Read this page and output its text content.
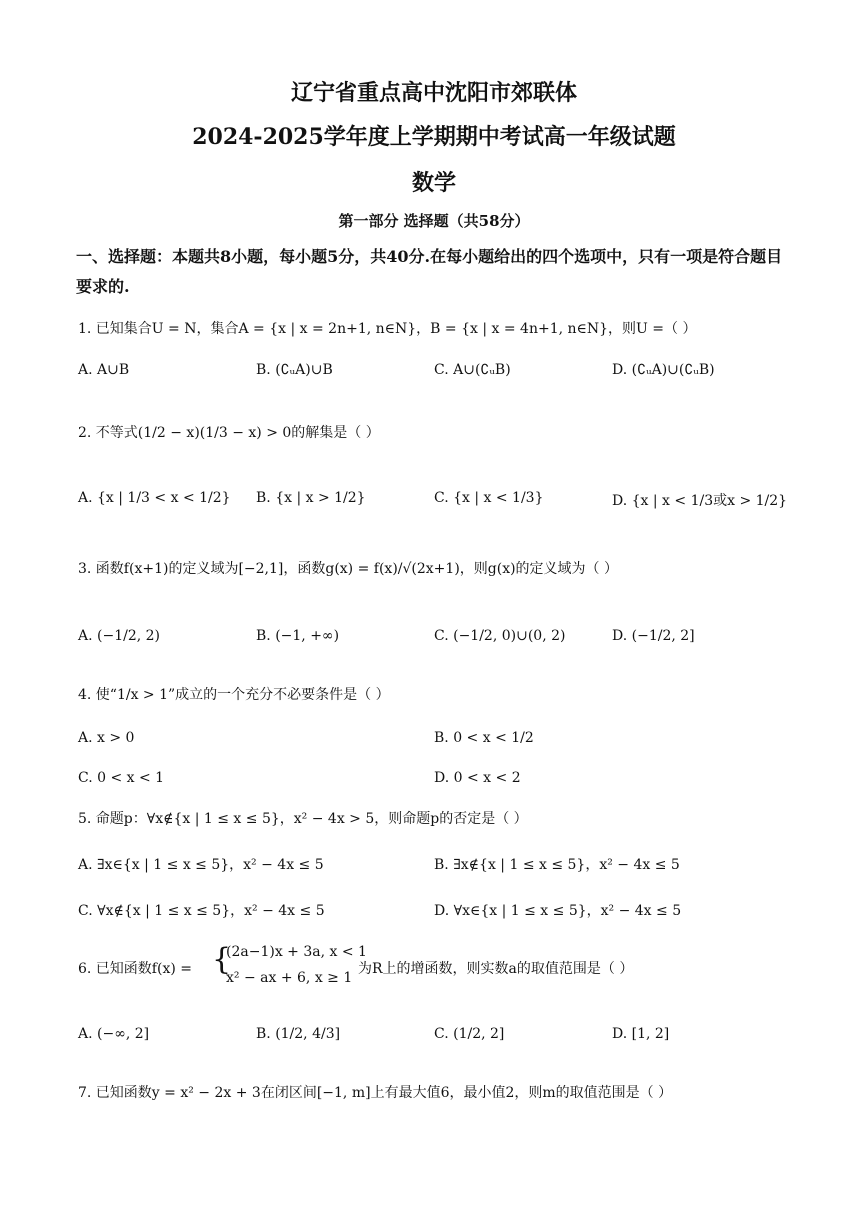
辽宁省重点高中沈阳市郊联体
2024-2025学年度上学期期中考试高一年级试题
数学
第一部分 选择题（共58分）
一、选择题：本题共8小题，每小题5分，共40分.在每小题给出的四个选项中，只有一项是符合题目要求的.
1. 已知集合U = N，集合A = {x | x = 2n+1, n∈N}，B = {x | x = 4n+1, n∈N}，则U =（ ）
A. A∪B	B. (∁ᵤA)∪B	C. A∪(∁ᵤB)	D. (∁ᵤA)∪(∁ᵤB)
2. 不等式(1/2 − x)(1/3 − x) > 0的解集是（ ）
A. {x | 1/3 < x < 1/2} B. {x | x > 1/2}	C. {x | x < 1/3}	D. {x | x < 1/3或x > 1/2}
3. 函数f(x+1)的定义域为[−2,1]，函数g(x) = f(x)/√(2x+1)，则g(x)的定义域为（ ）
A. (−1/2, 2)	B. (−1, +∞)	C. (−1/2, 0)∪(0, 2)	D. (−1/2, 2]
4. 使“1/x > 1”成立的一个充分不必要条件是（ ）
A. x > 0	B. 0 < x < 1/2
C. 0 < x < 1	D. 0 < x < 2
5. 命题p：∀x∉{x | 1 ≤ x ≤ 5}，x² − 4x > 5，则命题p的否定是（ ）
A. ∃x∈{x | 1 ≤ x ≤ 5}，x² − 4x ≤ 5	B. ∃x∉{x | 1 ≤ x ≤ 5}，x² − 4x ≤ 5
C. ∀x∉{x | 1 ≤ x ≤ 5}，x² − 4x ≤ 5	D. ∀x∈{x | 1 ≤ x ≤ 5}，x² − 4x ≤ 5
6. 已知函数f(x) = {
(2a−1)x + 3a, x < 1
x² − ax + 6, x ≥ 1
为R上的增函数，则实数a的取值范围是（ ）
A. (−∞, 2]	B. (1/2, 4/3]	C. (1/2, 2]	D. [1, 2]
7. 已知函数y = x² − 2x + 3在闭区间[−1, m]上有最大值6，最小值2，则m的取值范围是（ ）
